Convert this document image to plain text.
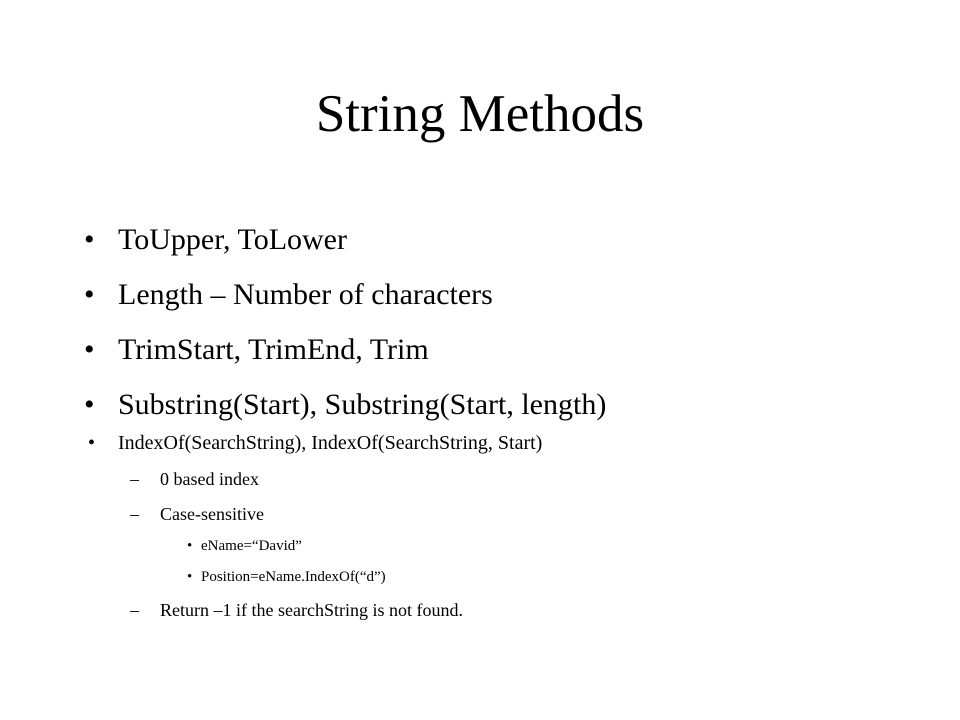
String Methods
• ToUpper, ToLower
• Length – Number of characters
• TrimStart, TrimEnd, Trim
• Substring(Start), Substring(Start, length)
• IndexOf(SearchString), IndexOf(SearchString, Start)
– 0 based index
– Case-sensitive
• eName=“David”
• Position=eName.IndexOf(“d”)
– Return –1 if the searchString is not found.
